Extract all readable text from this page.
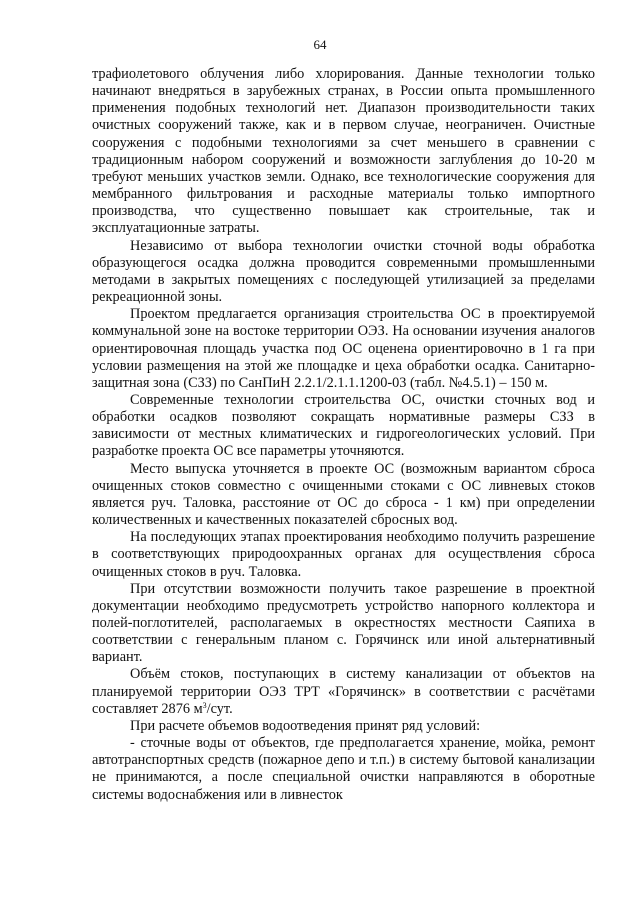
64

трафиолетового облучения либо хлорирования. Данные технологии только начинают внедряться в зарубежных странах, в России опыта промышленного применения подобных технологий нет. Диапазон производительности таких очистных сооружений также, как и в первом случае, неограничен. Очистные сооружения с подобными технологиями за счет меньшего в сравнении с традиционным набором сооружений и возможности заглубления до 10-20 м требуют меньших участков земли. Однако, все технологические сооружения для мембранного фильтрования и расходные материалы только импортного производства, что существенно повышает как строительные, так и эксплуатационные затраты.

Независимо от выбора технологии очистки сточной воды обработка образующегося осадка должна проводится современными промышленными методами в закрытых помещениях с последующей утилизацией за пределами рекреационной зоны.

Проектом предлагается организация строительства ОС в проектируемой коммунальной зоне на востоке территории ОЭЗ. На основании изучения аналогов ориентировочная площадь участка под ОС оценена ориентировочно в 1 га при условии размещения на этой же площадке и цеха обработки осадка. Санитарно-защитная зона (СЗЗ) по СанПиН 2.2.1/2.1.1.1200-03 (табл. №4.5.1) – 150 м.

Современные технологии строительства ОС, очистки сточных вод и обработки осадков позволяют сокращать нормативные размеры СЗЗ в зависимости от местных климатических и гидрогеологических условий. При разработке проекта ОС все параметры уточняются.

Место выпуска уточняется в проекте ОС (возможным вариантом сброса очищенных стоков совместно с очищенными стоками с ОС ливневых стоков является руч. Таловка, расстояние от ОС до сброса - 1 км) при определении количественных и качественных показателей сбросных вод.

На последующих этапах проектирования необходимо получить разрешение в соответствующих природоохранных органах для осуществления сброса очищенных стоков в руч. Таловка.

При отсутствии возможности получить такое разрешение в проектной документации необходимо предусмотреть устройство напорного коллектора и полей-поглотителей, располагаемых в окрестностях местности Саяпиха в соответствии с генеральным планом с. Горячинск или иной альтернативный вариант.

Объём стоков, поступающих в систему канализации от объектов на планируемой территории ОЭЗ ТРТ «Горячинск» в соответствии с расчётами составляет 2876 $м^3$/сут.

При расчете объемов водоотведения принят ряд условий:

- сточные воды от объектов, где предполагается хранение, мойка, ремонт автотранспортных средств (пожарное депо и т.п.) в систему бытовой канализации не принимаются, а после специальной очистки направляются в оборотные системы водоснабжения или в ливнесток
